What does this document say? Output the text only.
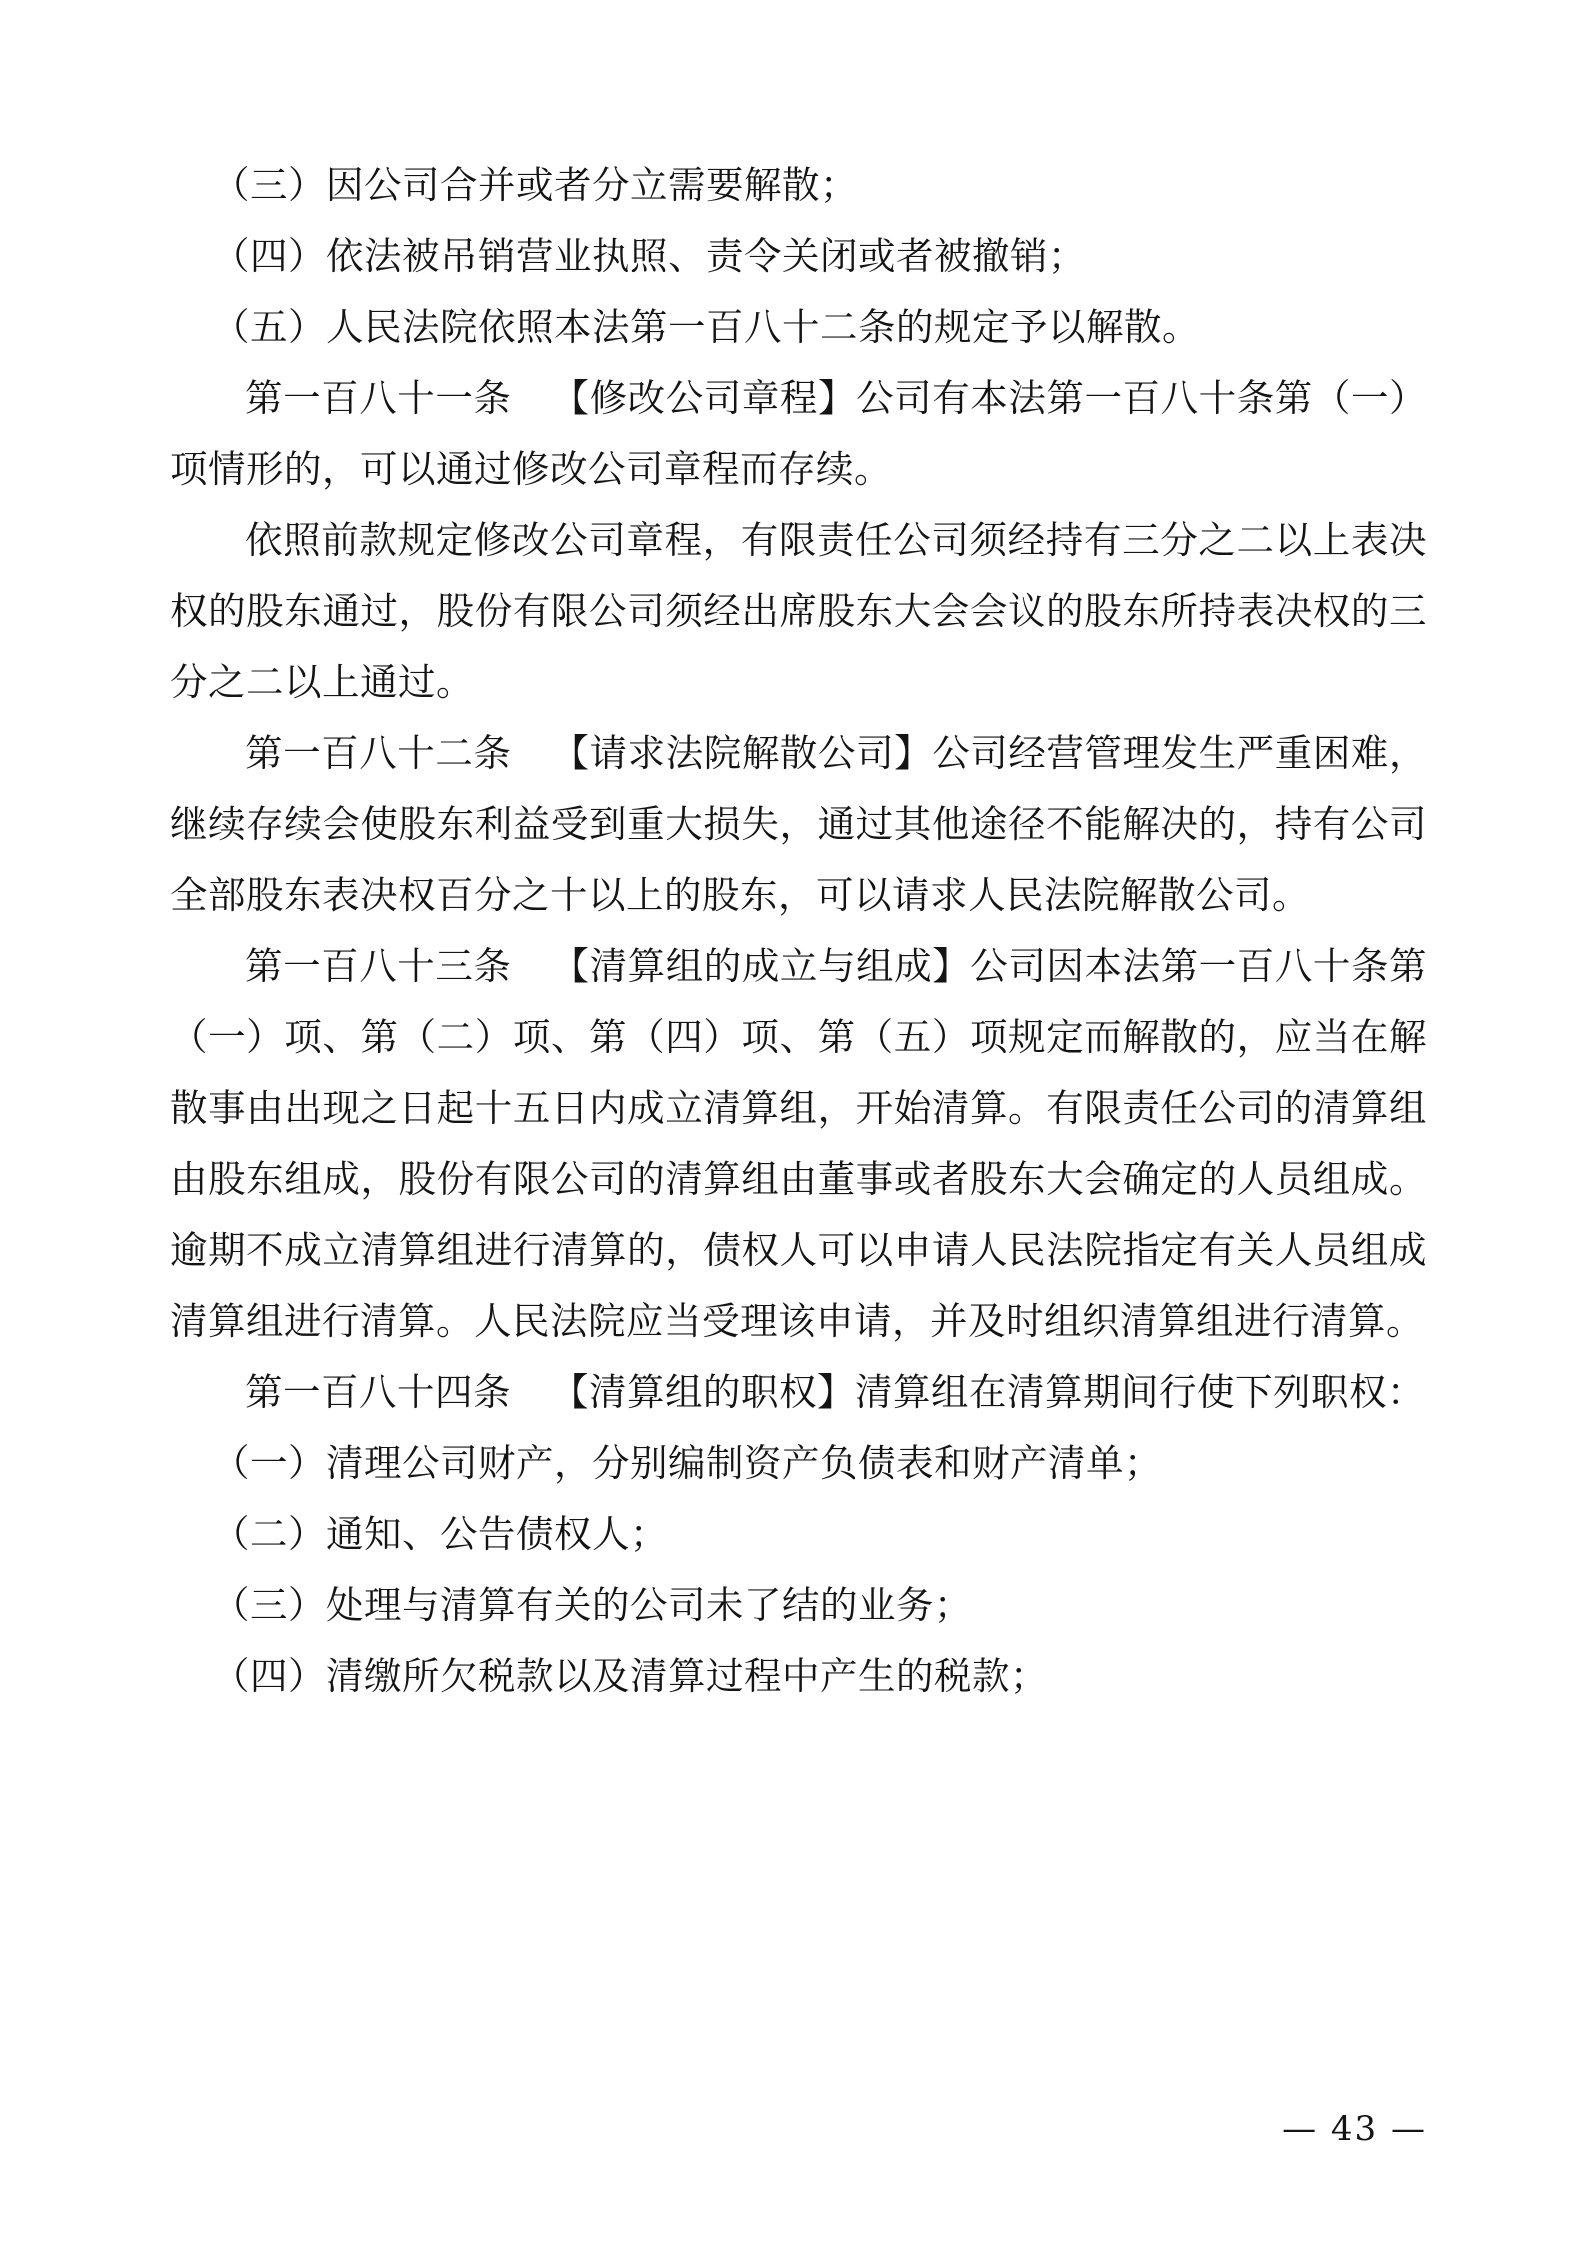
（三）因公司合并或者分立需要解散；

（四）依法被吊销营业执照、责令关闭或者被撤销；

（五）人民法院依照本法第一百八十二条的规定予以解散。

第一百八十一条 【修改公司章程】公司有本法第一百八十条第（一）项情形的，可以通过修改公司章程而存续。

依照前款规定修改公司章程，有限责任公司须经持有三分之二以上表决权的股东通过，股份有限公司须经出席股东大会会议的股东所持表决权的三分之二以上通过。

第一百八十二条 【请求法院解散公司】公司经营管理发生严重困难，继续存续会使股东利益受到重大损失，通过其他途径不能解决的，持有公司全部股东表决权百分之十以上的股东，可以请求人民法院解散公司。

第一百八十三条 【清算组的成立与组成】公司因本法第一百八十条第（一）项、第（二）项、第（四）项、第（五）项规定而解散的，应当在解散事由出现之日起十五日内成立清算组，开始清算。有限责任公司的清算组由股东组成，股份有限公司的清算组由董事或者股东大会确定的人员组成。逾期不成立清算组进行清算的，债权人可以申请人民法院指定有关人员组成清算组进行清算。人民法院应当受理该申请，并及时组织清算组进行清算。

第一百八十四条 【清算组的职权】清算组在清算期间行使下列职权：

（一）清理公司财产，分别编制资产负债表和财产清单；

（二）通知、公告债权人；

（三）处理与清算有关的公司未了结的业务；

（四）清缴所欠税款以及清算过程中产生的税款；

— 43 —
